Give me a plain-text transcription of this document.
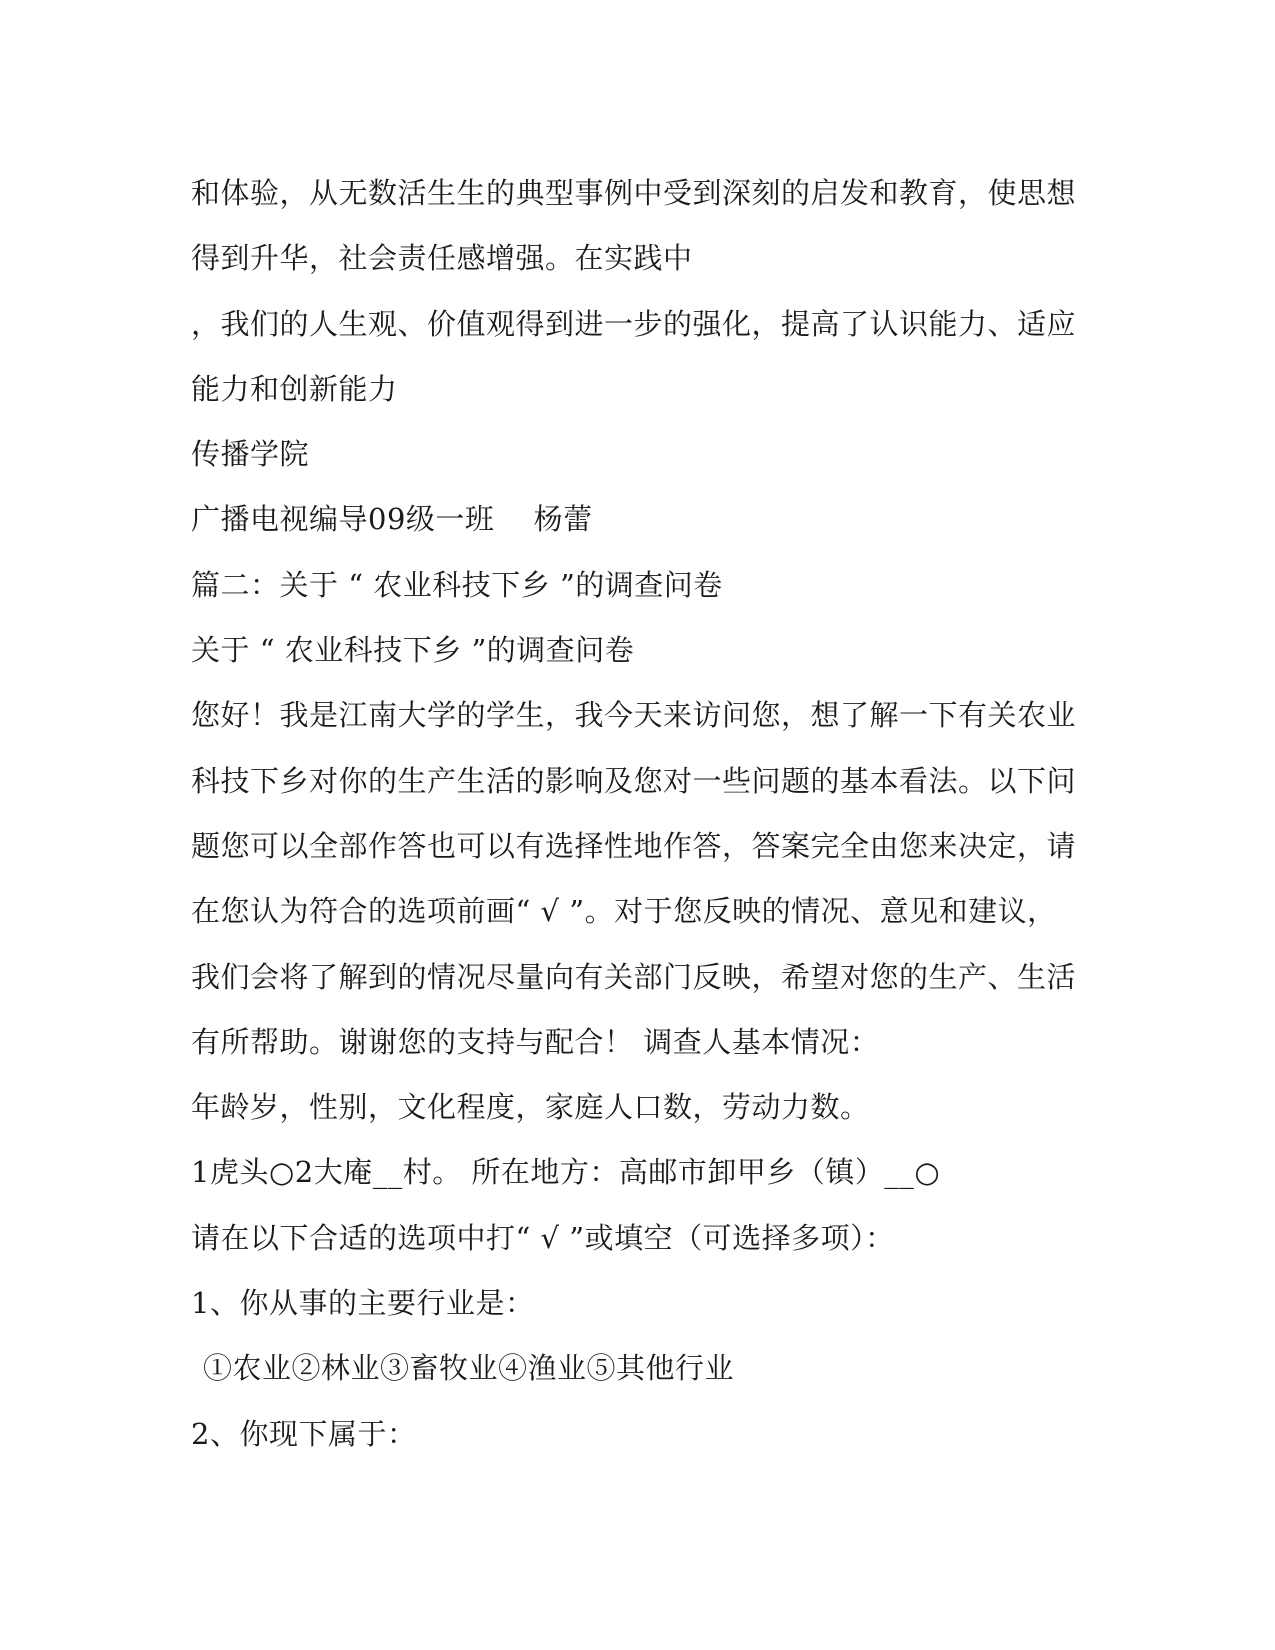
和体验，从无数活生生的典型事例中受到深刻的启发和教育，使思想
得到升华，社会责任感增强。在实践中
，我们的人生观、价值观得到进一步的强化，提高了认识能力、适应
能力和创新能力
传播学院
广播电视编导09级一班　 杨蕾
篇二：关于 “ 农业科技下乡 ”的调查问卷
关于 “ 农业科技下乡 ”的调查问卷
您好！我是江南大学的学生，我今天来访问您，想了解一下有关农业
科技下乡对你的生产生活的影响及您对一些问题的基本看法。以下问
题您可以全部作答也可以有选择性地作答，答案完全由您来决定，请
在您认为符合的选项前画“ √ ”。对于您反映的情况、意见和建议，
我们会将了解到的情况尽量向有关部门反映，希望对您的生产、生活
有所帮助。谢谢您的支持与配合！ 调查人基本情况：
年龄岁，性别，文化程度，家庭人口数，劳动力数。
1虎头○2大庵__村。 所在地方：高邮市卸甲乡（镇）__○
请在以下合适的选项中打“ √ ”或填空（可选择多项）：
1、你从事的主要行业是：
①农业②林业③畜牧业④渔业⑤其他行业
2、你现下属于：
